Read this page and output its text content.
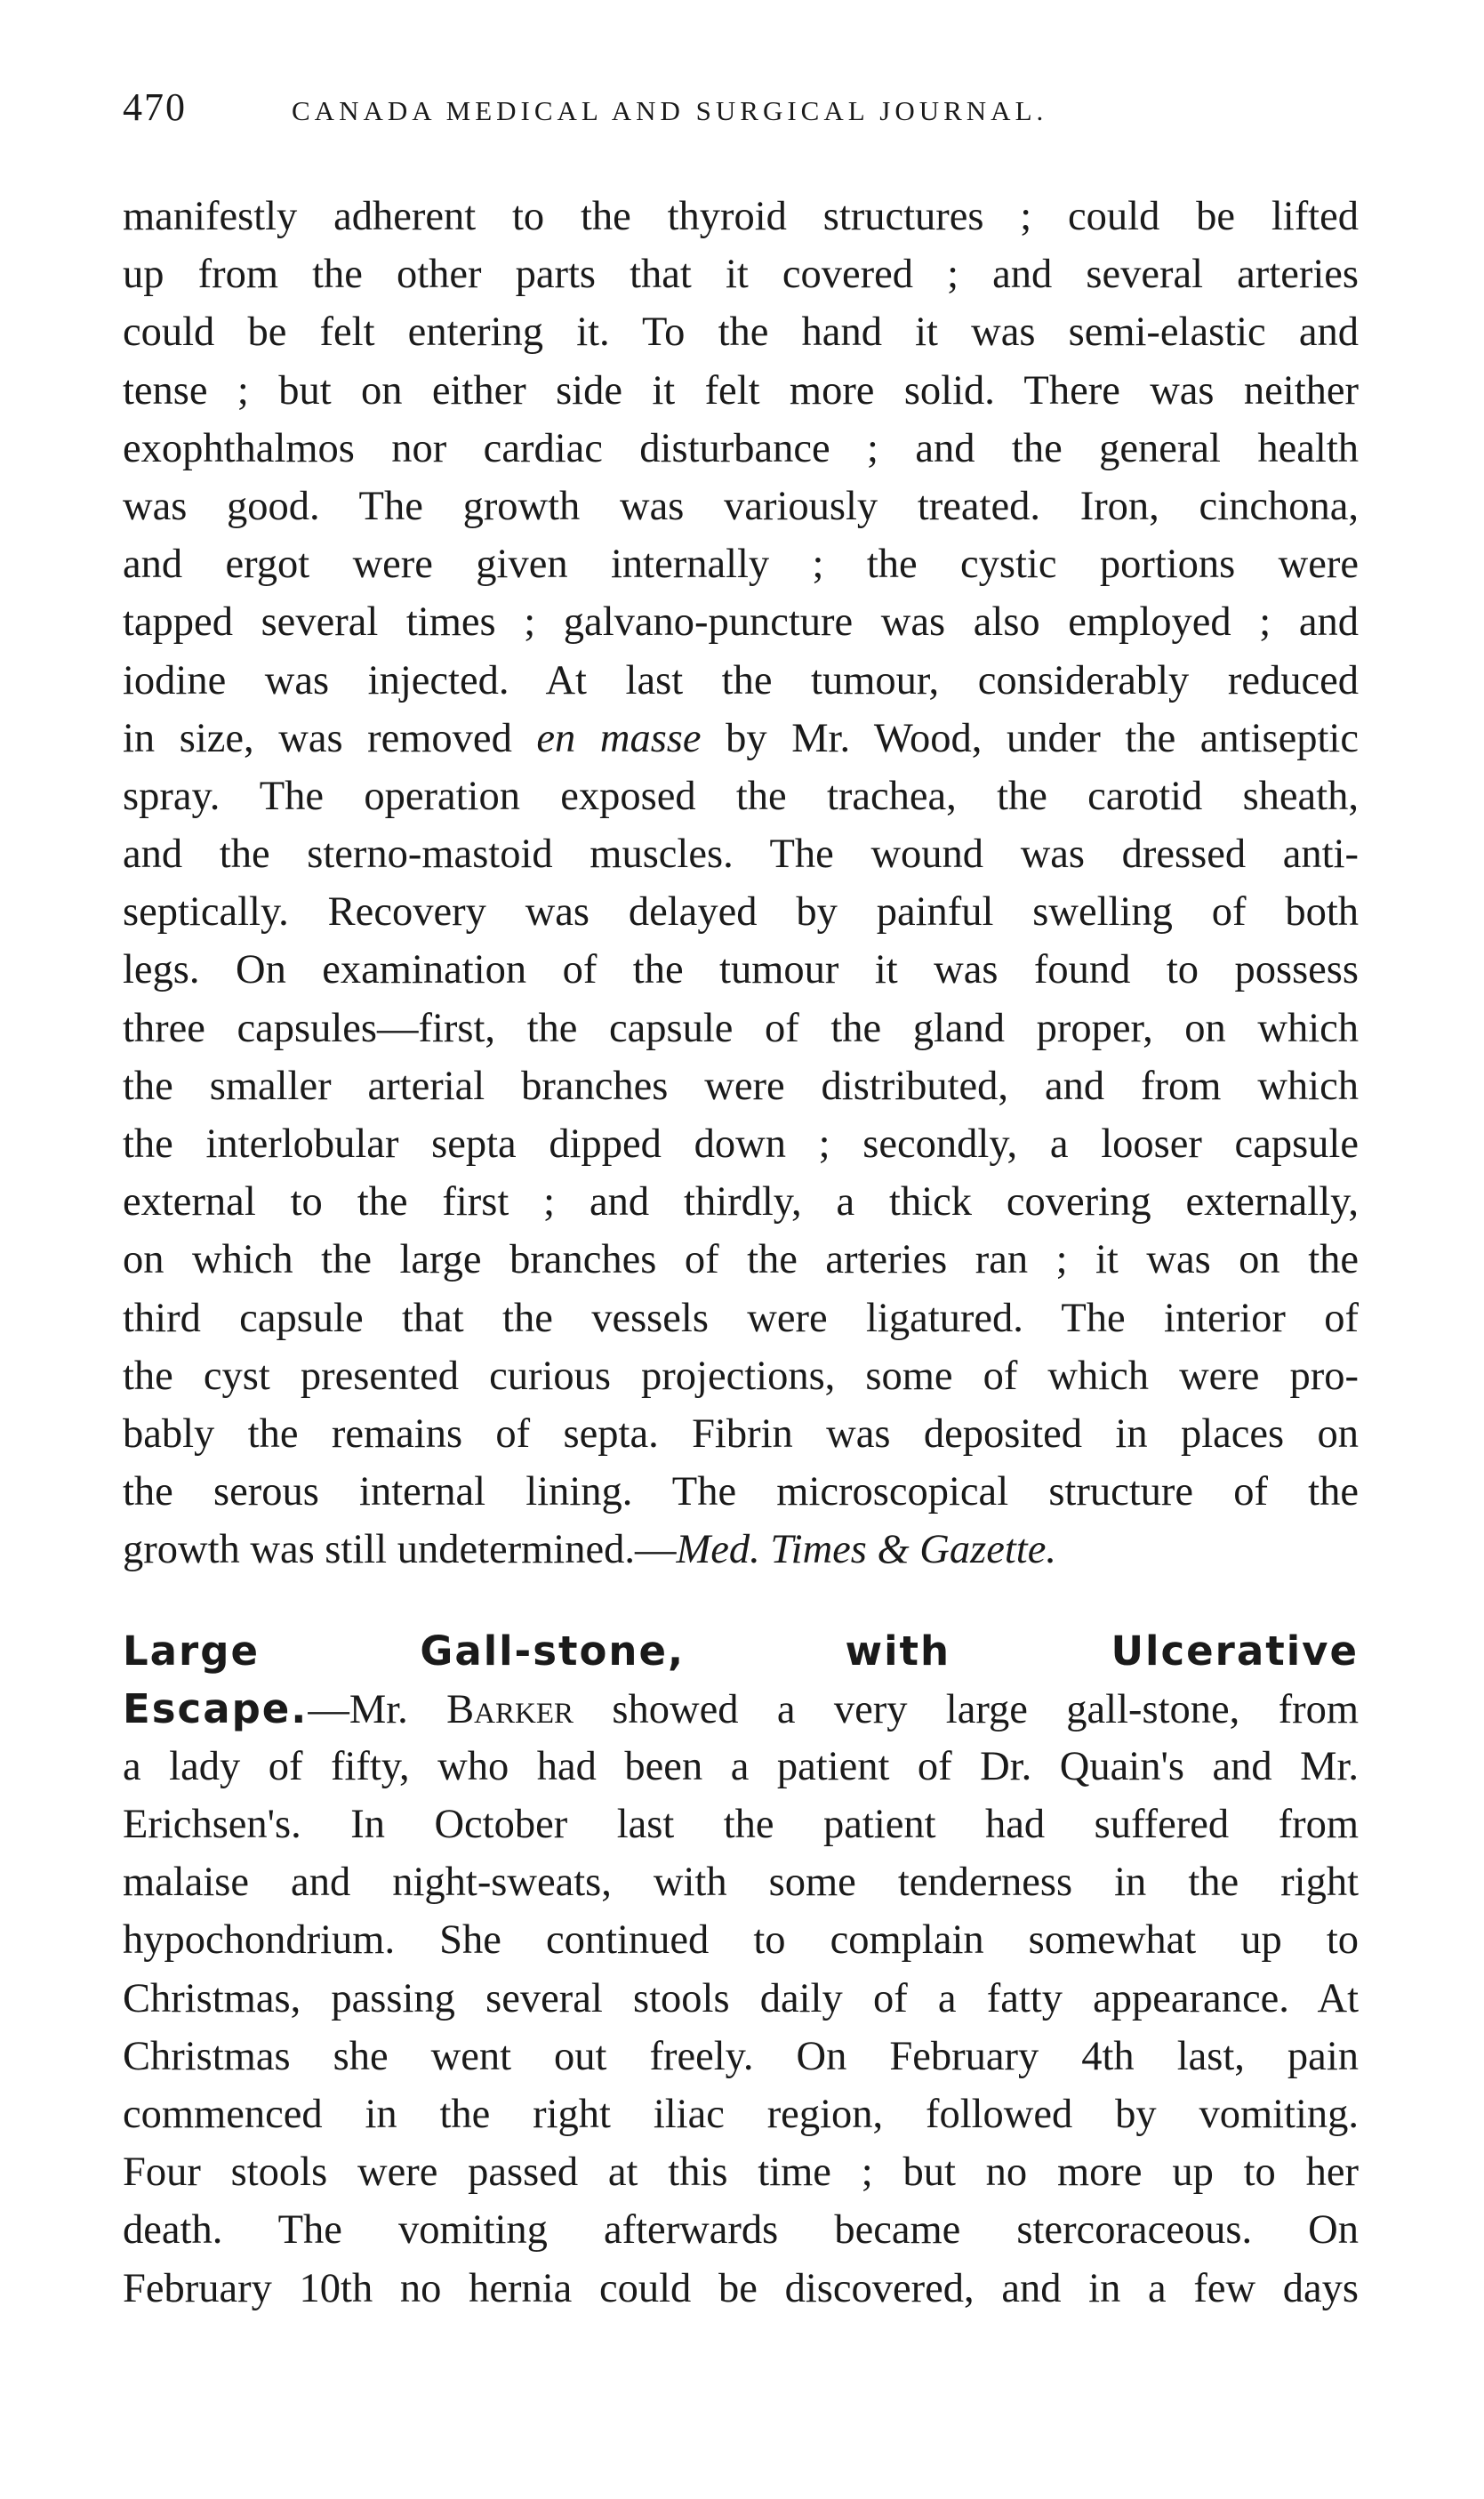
470	CANADA MEDICAL AND SURGICAL JOURNAL.
manifestly adherent to the thyroid structures ; could be lifted
up from the other parts that it covered ; and several arteries
could be felt entering it. To the hand it was semi-elastic and
tense ; but on either side it felt more solid. There was neither
exophthalmos nor cardiac disturbance ; and the general health
was good. The growth was variously treated. Iron, cinchona,
and ergot were given internally ; the cystic portions were
tapped several times ; galvano-puncture was also employed ; and
iodine was injected. At last the tumour, considerably reduced
in size, was removed en masse by Mr. Wood, under the antiseptic
spray. The operation exposed the trachea, the carotid sheath,
and the sterno-mastoid muscles. The wound was dressed anti-
septically. Recovery was delayed by painful swelling of both
legs. On examination of the tumour it was found to possess
three capsules—first, the capsule of the gland proper, on which
the smaller arterial branches were distributed, and from which
the interlobular septa dipped down ; secondly, a looser capsule
external to the first ; and thirdly, a thick covering externally,
on which the large branches of the arteries ran ; it was on the
third capsule that the vessels were ligatured. The interior of
the cyst presented curious projections, some of which were pro-
bably the remains of septa. Fibrin was deposited in places on
the serous internal lining. The microscopical structure of the
growth was still undetermined.—Med. Times & Gazette.
Large Gall-stone, with Ulcerative
Escape.—Mr. Barker showed a very large gall-stone, from
a lady of fifty, who had been a patient of Dr. Quain's and Mr.
Erichsen's. In October last the patient had suffered from
malaise and night-sweats, with some tenderness in the right
hypochondrium. She continued to complain somewhat up to
Christmas, passing several stools daily of a fatty appearance. At
Christmas she went out freely. On February 4th last, pain
commenced in the right iliac region, followed by vomiting.
Four stools were passed at this time ; but no more up to her
death. The vomiting afterwards became stercoraceous. On
February 10th no hernia could be discovered, and in a few days
